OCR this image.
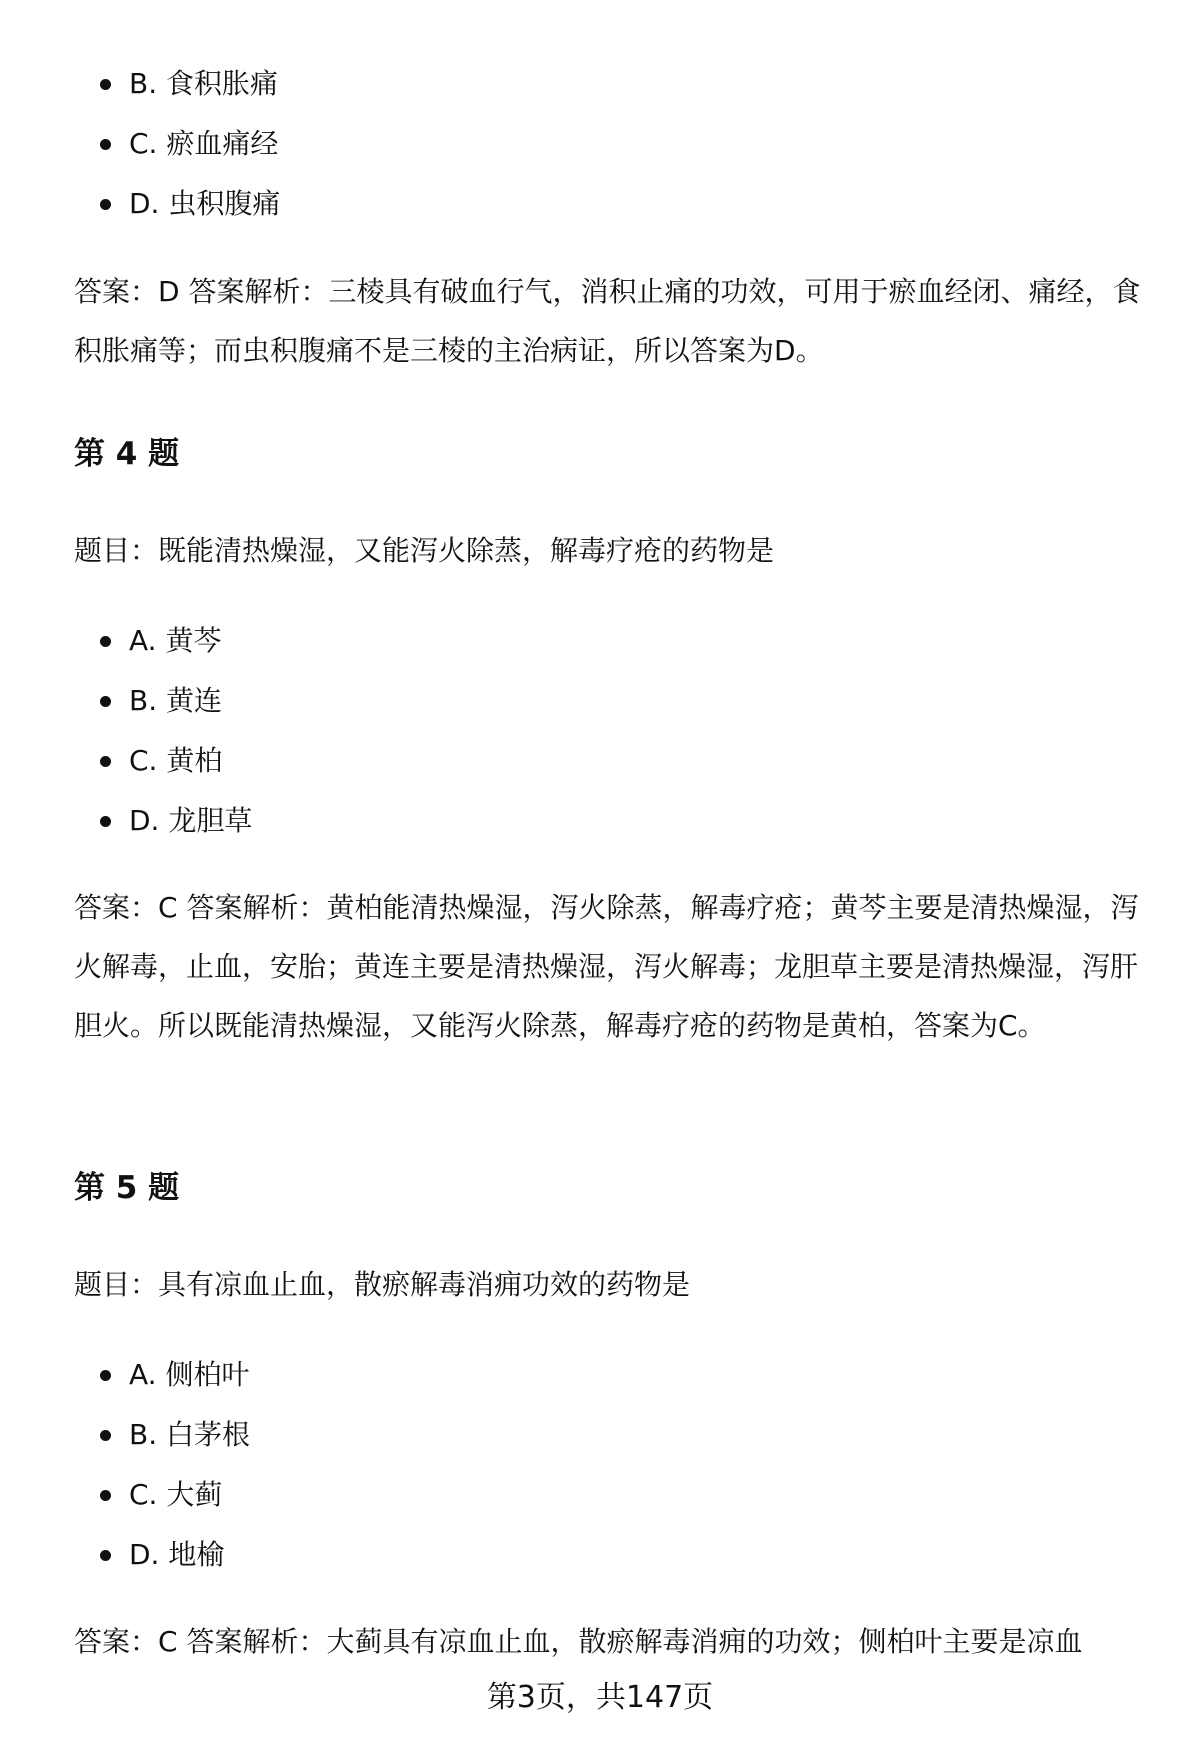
B. 食积胀痛
C. 瘀血痛经
D. 虫积腹痛

答案：D 答案解析：三棱具有破血行气，消积止痛的功效，可用于瘀血经闭、痛经，食积胀痛等；而虫积腹痛不是三棱的主治病证，所以答案为D。

第 4 题

题目：既能清热燥湿，又能泻火除蒸，解毒疗疮的药物是

A. 黄芩
B. 黄连
C. 黄柏
D. 龙胆草

答案：C 答案解析：黄柏能清热燥湿，泻火除蒸，解毒疗疮；黄芩主要是清热燥湿，泻火解毒，止血，安胎；黄连主要是清热燥湿，泻火解毒；龙胆草主要是清热燥湿，泻肝胆火。所以既能清热燥湿，又能泻火除蒸，解毒疗疮的药物是黄柏，答案为C。

第 5 题

题目：具有凉血止血，散瘀解毒消痈功效的药物是

A. 侧柏叶
B. 白茅根
C. 大蓟
D. 地榆

答案：C 答案解析：大蓟具有凉血止血，散瘀解毒消痈的功效；侧柏叶主要是凉血

第3页，共147页
